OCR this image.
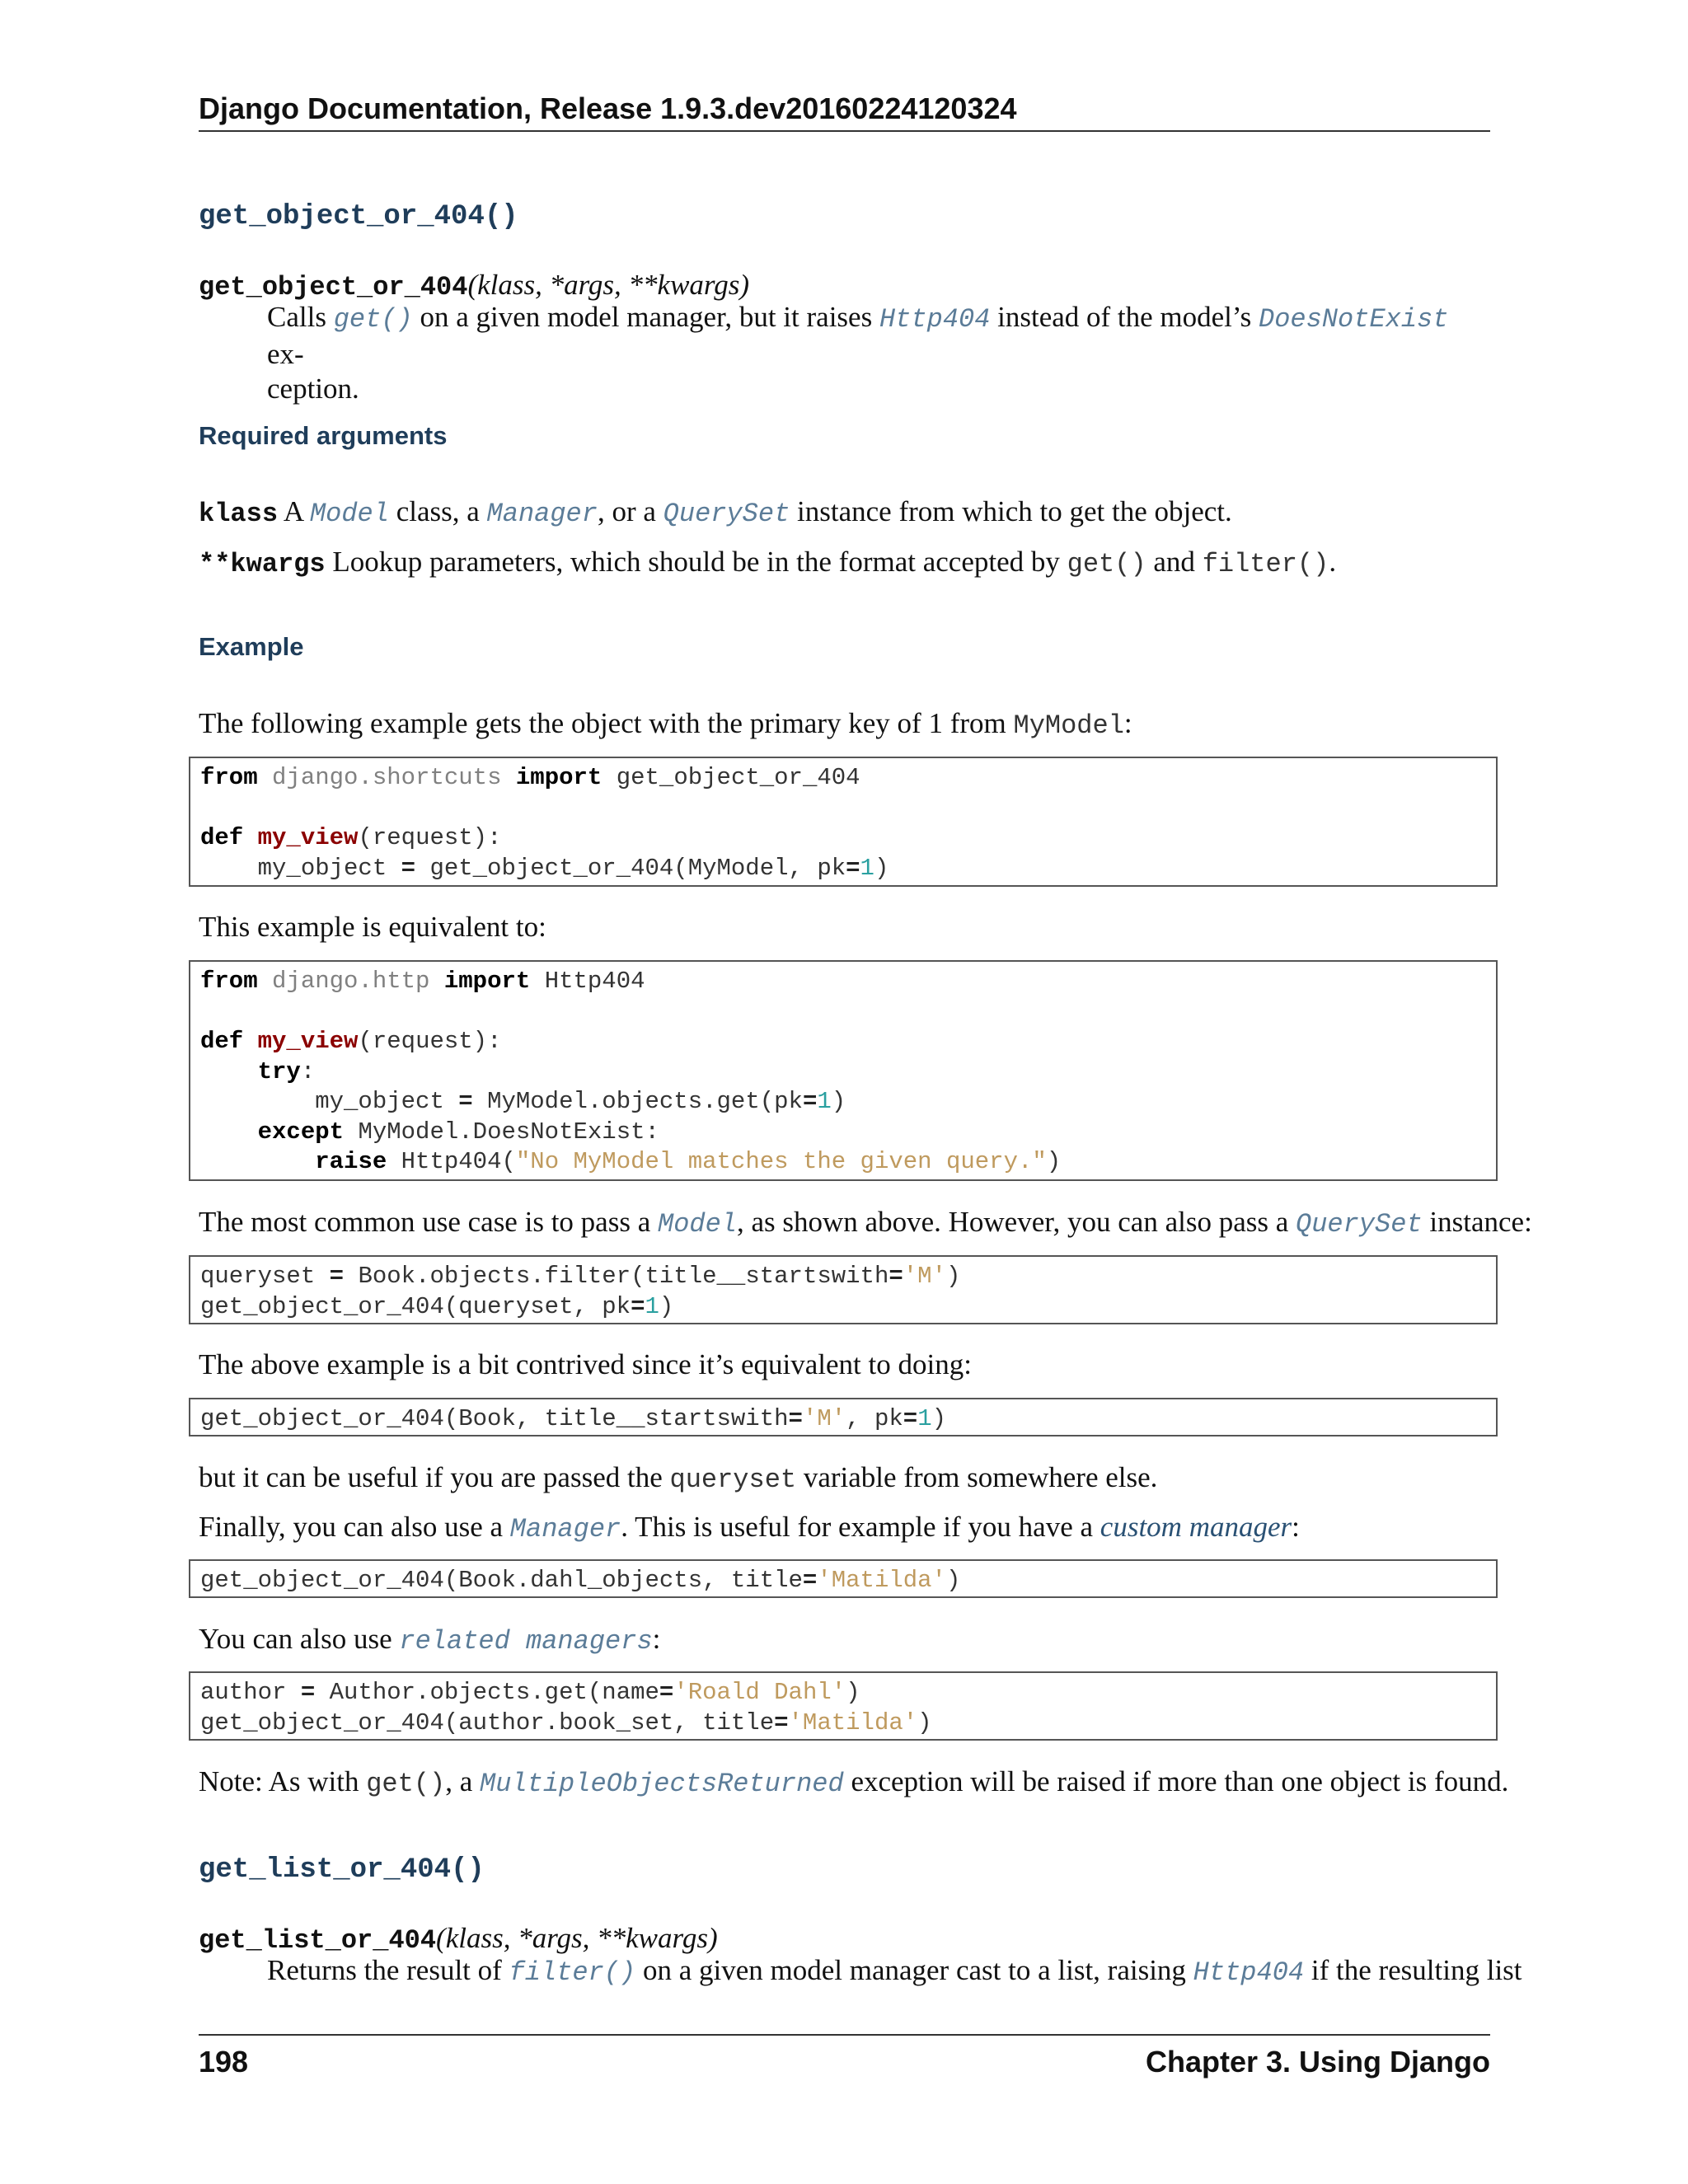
Django Documentation, Release 1.9.3.dev20160224120324
get_object_or_404()
get_object_or_404(klass, *args, **kwargs)
Calls get() on a given model manager, but it raises Http404 instead of the model’s DoesNotExist ex-
ception.
Required arguments
klass A Model class, a Manager, or a QuerySet instance from which to get the object.
**kwargs Lookup parameters, which should be in the format accepted by get() and filter().
Example
The following example gets the object with the primary key of 1 from MyModel:
from django.shortcuts import get_object_or_404

def my_view(request):
my_object = get_object_or_404(MyModel, pk=1)
This example is equivalent to:
from django.http import Http404

def my_view(request):
try:
my_object = MyModel.objects.get(pk=1)
except MyModel.DoesNotExist:
raise Http404("No MyModel matches the given query.")
The most common use case is to pass a Model, as shown above. However, you can also pass a QuerySet instance:
queryset = Book.objects.filter(title__startswith='M')
get_object_or_404(queryset, pk=1)
The above example is a bit contrived since it’s equivalent to doing:
get_object_or_404(Book, title__startswith='M', pk=1)
but it can be useful if you are passed the queryset variable from somewhere else.
Finally, you can also use a Manager. This is useful for example if you have a custom manager:
get_object_or_404(Book.dahl_objects, title='Matilda')
You can also use related managers:
author = Author.objects.get(name='Roald Dahl')
get_object_or_404(author.book_set, title='Matilda')
Note: As with get(), a MultipleObjectsReturned exception will be raised if more than one object is found.
get_list_or_404()
get_list_or_404(klass, *args, **kwargs)
Returns the result of filter() on a given model manager cast to a list, raising Http404 if the resulting list
198	Chapter 3. Using Django
